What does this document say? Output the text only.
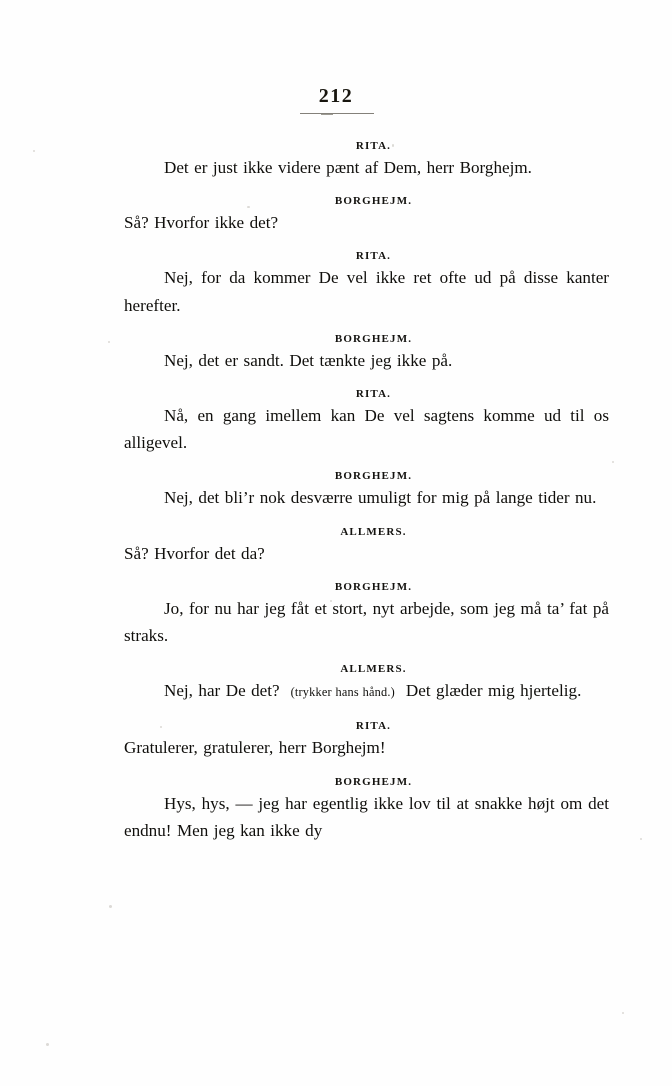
212
RITA.

Det er just ikke videre pænt af Dem, herr Borghejm.

BORGHEJM.

Så? Hvorfor ikke det?

RITA.

Nej, for da kommer De vel ikke ret ofte ud på disse kanter herefter.

BORGHEJM.

Nej, det er sandt. Det tænkte jeg ikke på.

RITA.

Nå, en gang imellem kan De vel sagtens komme ud til os alligevel.

BORGHEJM.

Nej, det bli’r nok desværre umuligt for mig på lange tider nu.

ALLMERS.

Så? Hvorfor det da?

BORGHEJM.

Jo, for nu har jeg fåt et stort, nyt arbejde, som jeg må ta’ fat på straks.

ALLMERS.

Nej, har De det? (trykker hans hånd.) Det glæder mig hjertelig.

RITA.

Gratulerer, gratulerer, herr Borghejm!

BORGHEJM.

Hys, hys, — jeg har egentlig ikke lov til at snakke højt om det endnu! Men jeg kan ikke dy
